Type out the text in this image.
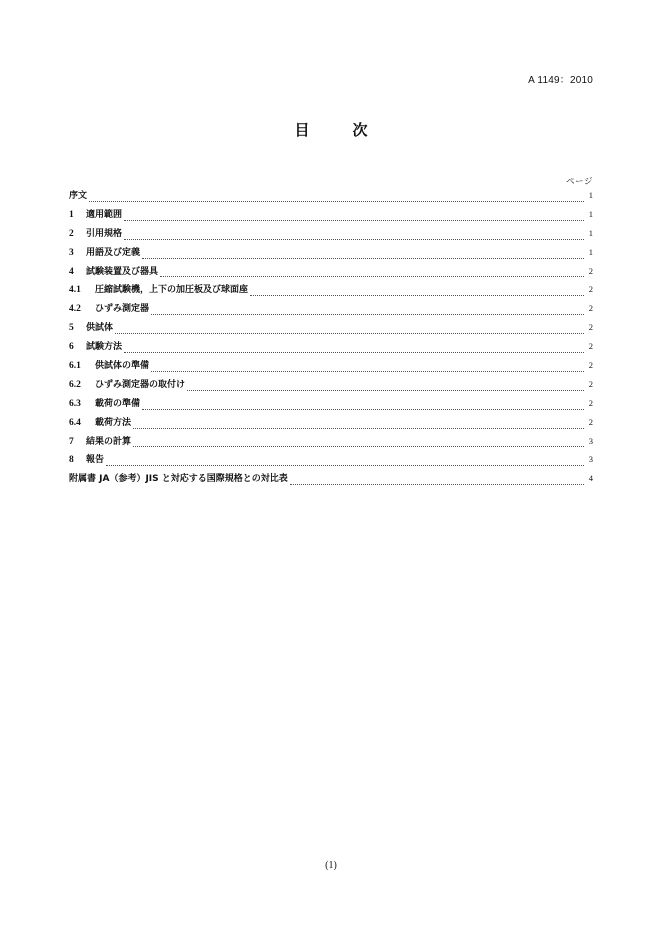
A 1149：2010
目　次
ページ
序文	1
1	適用範囲	1
2	引用規格	1
3	用語及び定義	1
4	試験装置及び器具	2
4.1	圧縮試験機，上下の加圧板及び球面座	2
4.2	ひずみ測定器	2
5	供試体	2
6	試験方法	2
6.1	供試体の準備	2
6.2	ひずみ測定器の取付け	2
6.3	載荷の準備	2
6.4	載荷方法	2
7	結果の計算	3
8	報告	3
附属書 JA（参考）JIS と対応する国際規格との対比表	4
(1)
